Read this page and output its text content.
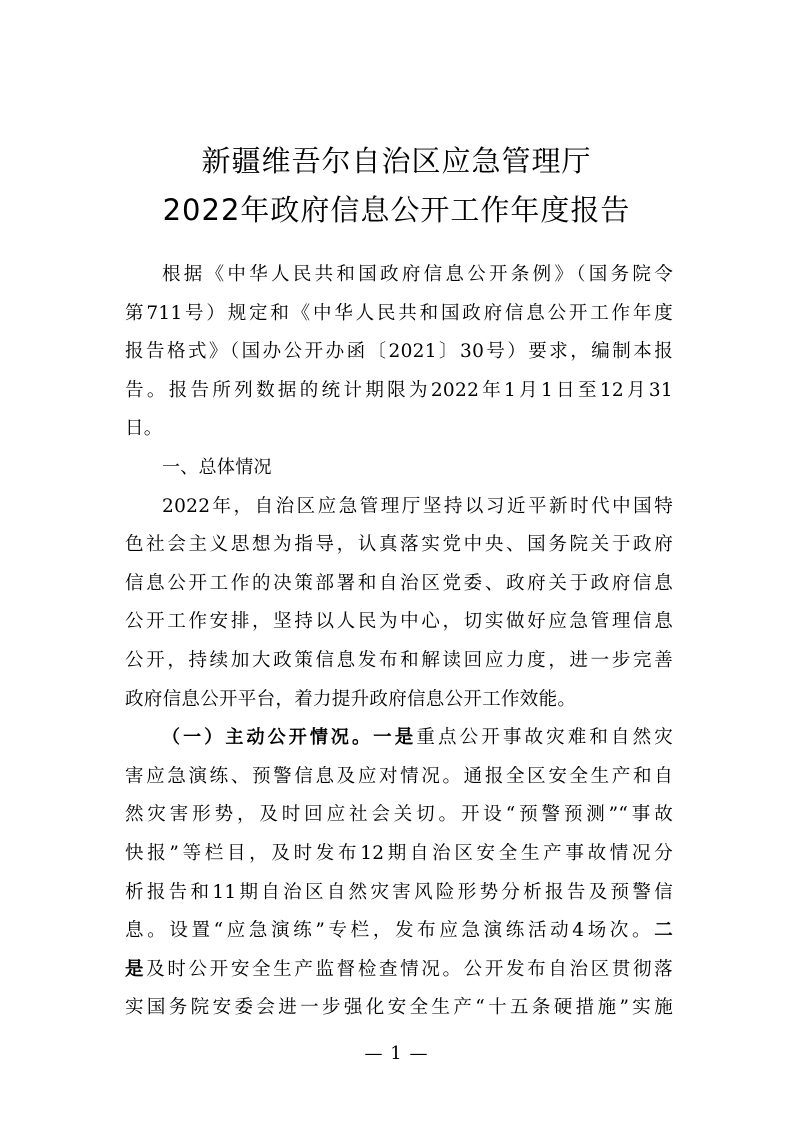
新疆维吾尔自治区应急管理厅
2022年政府信息公开工作年度报告
根据《中华人民共和国政府信息公开条例》（国务院令
第711号）规定和《中华人民共和国政府信息公开工作年度
报告格式》（国办公开办函〔2021〕30号）要求，编制本报
告。报告所列数据的统计期限为2022年1月1日至12月31
日。
一、总体情况
2022年，自治区应急管理厅坚持以习近平新时代中国特
色社会主义思想为指导，认真落实党中央、国务院关于政府
信息公开工作的决策部署和自治区党委、政府关于政府信息
公开工作安排，坚持以人民为中心，切实做好应急管理信息
公开，持续加大政策信息发布和解读回应力度，进一步完善
政府信息公开平台，着力提升政府信息公开工作效能。
（一）主动公开情况。一是重点公开事故灾难和自然灾
害应急演练、预警信息及应对情况。通报全区安全生产和自
然灾害形势，及时回应社会关切。开设“预警预测”“事故
快报”等栏目，及时发布12期自治区安全生产事故情况分
析报告和11期自治区自然灾害风险形势分析报告及预警信
息。设置“应急演练”专栏，发布应急演练活动4场次。二
是及时公开安全生产监督检查情况。公开发布自治区贯彻落
实国务院安委会进一步强化安全生产“十五条硬措施”实施
— 1 —
